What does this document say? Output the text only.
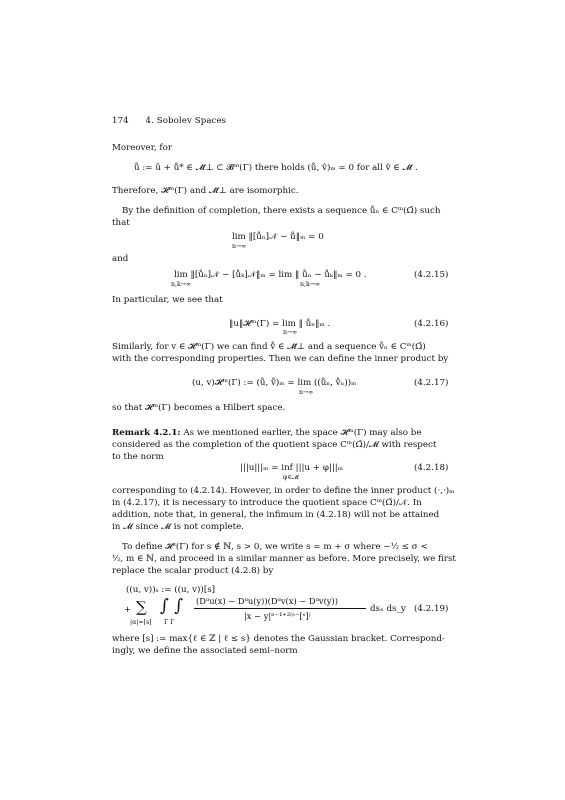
174 4. Sobolev Spaces
Moreover, for
ů := û + ů* ∈ 𝓜̄⊥ ⊂ 𝓑ᵐ(Γ) there holds (ů, v̂)ₘ = 0 for all v̂ ∈ 𝓜̄ .
Therefore, 𝓗ᵐ(Γ) and 𝓜̄⊥ are isomorphic.
By the definition of completion, there exists a sequence ůₙ ∈ Cᵐ(Ω̄) such
that
lim ‖[ůₙ]𝒩 − ů‖ₘ = 0
n→∞
and
lim ‖[ůₙ]𝒩 − [ůₖ]𝒩‖ₘ = lim ‖ ůₙ − ůₖ‖ₘ = 0 .
n,k→∞	n,k→∞
(4.2.15)
In particular, we see that
‖u‖𝓗ᵐ(Γ) = lim ‖ ůₙ‖ₘ .
n→∞
(4.2.16)
Similarly, for v ∈ 𝓗ᵐ(Γ) we can find v̊ ∈ 𝓜̄⊥ and a sequence v̊ₙ ∈ Cᵐ(Ω̄)
with the corresponding properties. Then we can define the inner product by
(u, v)𝓗ᵐ(Γ) := (ů, v̊)ₘ = lim ((ůₙ, v̊ₙ))ₘ
n→∞
(4.2.17)
so that 𝓗ᵐ(Γ) becomes a Hilbert space.
Remark 4.2.1: As we mentioned earlier, the space 𝓗ᵐ(Γ) may also be
considered as the completion of the quotient space Cᵐ(Ω̄)/𝓜 with respect
to the norm
|||u|||ₘ = inf |||u + φ|||ₘ
φ∈𝓜
(4.2.18)
corresponding to (4.2.14). However, in order to define the inner product (·,·)ₘ
in (4.2.17), it is necessary to introduce the quotient space Cᵐ(Ω̄)/𝒩. In
addition, note that, in general, the infimum in (4.2.18) will not be attained
in 𝓜 since 𝓜 is not complete.
To define 𝓗ˢ(Γ) for s ∉ ℕ, s > 0, we write s = m + σ where −½ ≤ σ <
½, m ∈ ℕ, and proceed in a similar manner as before. More precisely, we first
replace the scalar product (4.2.8) by
((u, v))ₛ := ((u, v))[s]
+ ∑
|α|=[s]
∫ ∫
Γ Γ
(Dᵅu(x) − Dᵅu(y))(Dᵅv(x) − Dᵅv(y))
|x − y|ⁿ⁻¹⁺²⁽ˢ⁻[ˢ]⁾
dsₓ ds_y (4.2.19)
where [s] := max{ℓ ∈ ℤ | ℓ ≤ s} denotes the Gaussian bracket. Correspond-
ingly, we define the associated semi–norm
